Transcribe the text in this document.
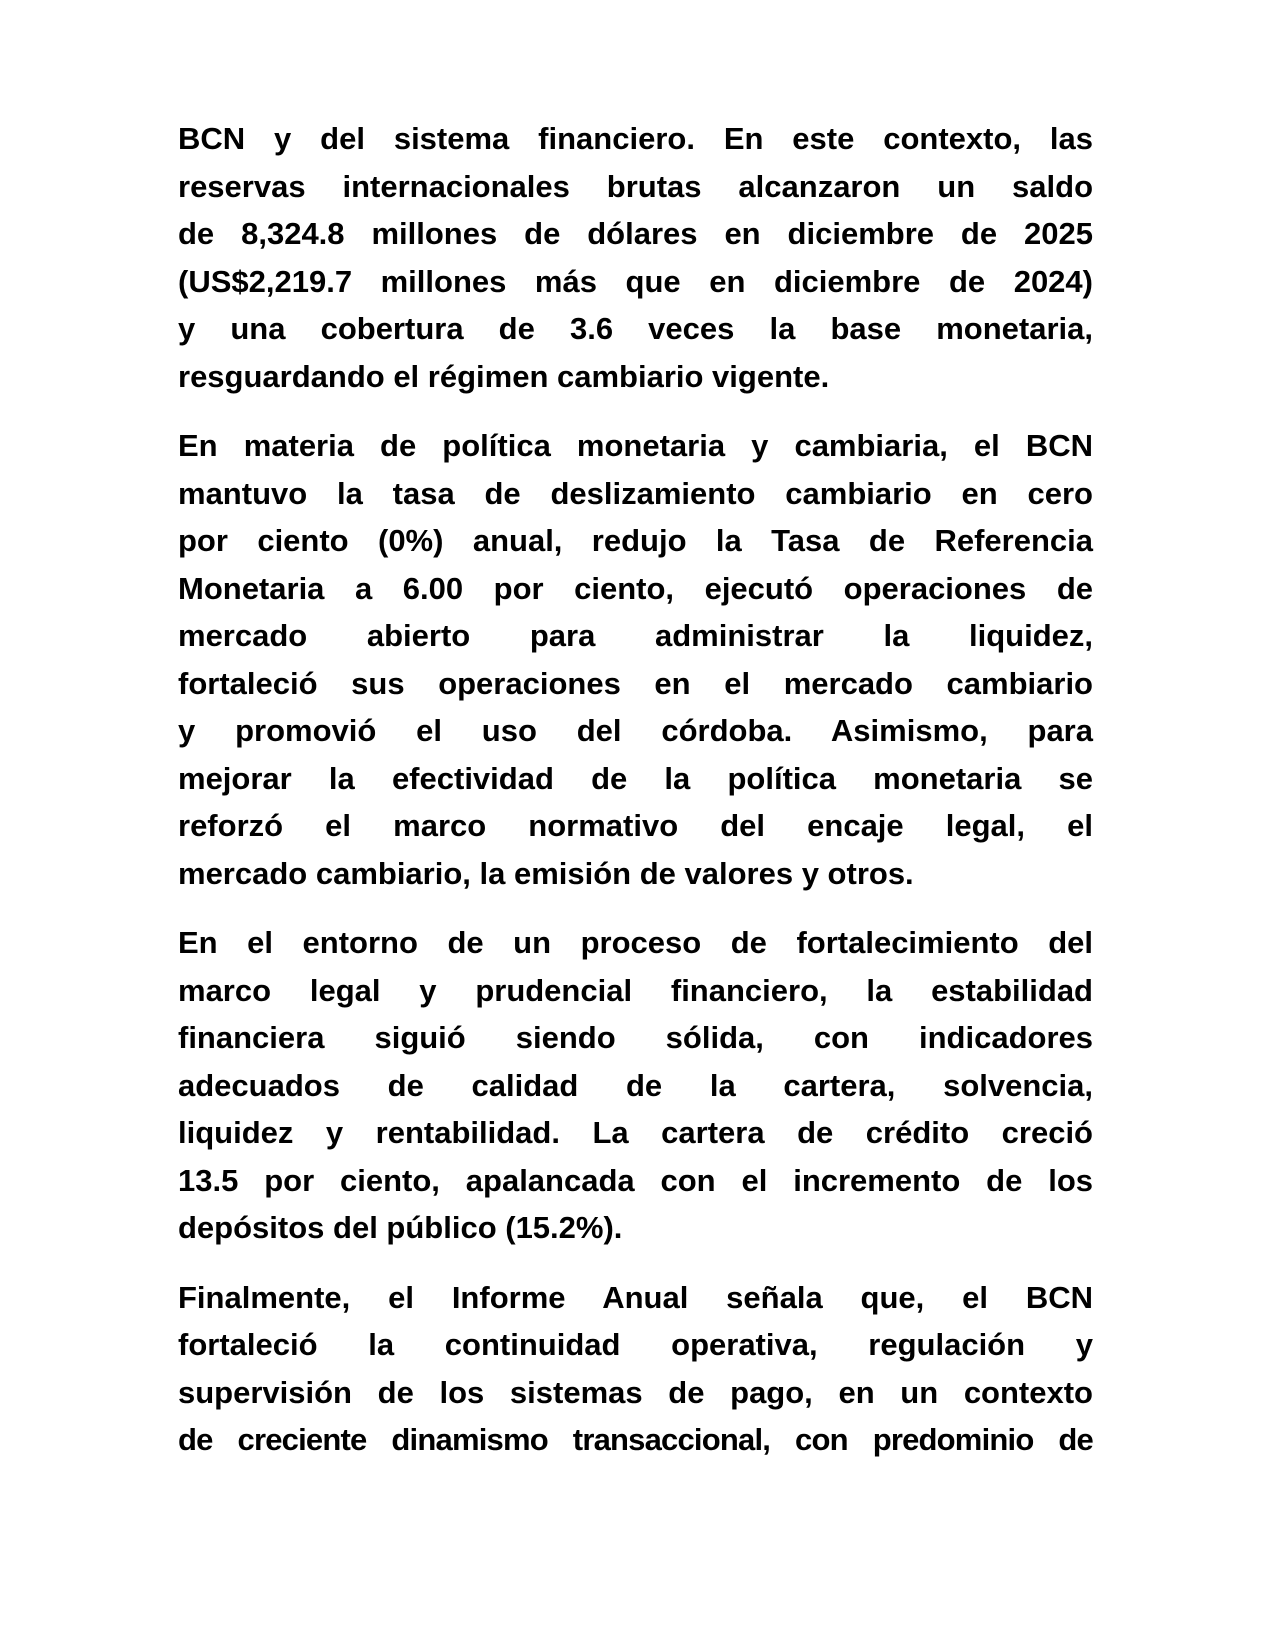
BCN y del sistema financiero. En este contexto, las
reservas internacionales brutas alcanzaron un saldo
de 8,324.8 millones de dólares en diciembre de 2025
(US$2,219.7 millones más que en diciembre de 2024)
y una cobertura de 3.6 veces la base monetaria,
resguardando el régimen cambiario vigente.
En materia de política monetaria y cambiaria, el BCN
mantuvo la tasa de deslizamiento cambiario en cero
por ciento (0%) anual, redujo la Tasa de Referencia
Monetaria a 6.00 por ciento, ejecutó operaciones de
mercado abierto para administrar la liquidez,
fortaleció sus operaciones en el mercado cambiario
y promovió el uso del córdoba. Asimismo, para
mejorar la efectividad de la política monetaria se
reforzó el marco normativo del encaje legal, el
mercado cambiario, la emisión de valores y otros.
En el entorno de un proceso de fortalecimiento del
marco legal y prudencial financiero, la estabilidad
financiera siguió siendo sólida, con indicadores
adecuados de calidad de la cartera, solvencia,
liquidez y rentabilidad. La cartera de crédito creció
13.5 por ciento, apalancada con el incremento de los
depósitos del público (15.2%).
Finalmente, el Informe Anual señala que, el BCN
fortaleció la continuidad operativa, regulación y
supervisión de los sistemas de pago, en un contexto
de creciente dinamismo transaccional, con predominio de
